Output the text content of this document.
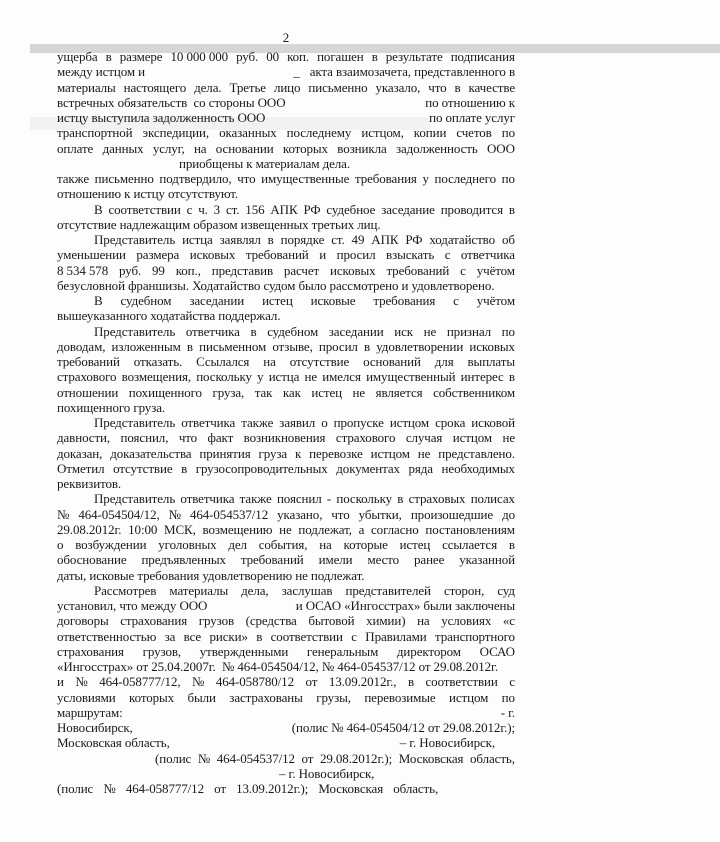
2
ущерба в размере 10 000 000 руб. 00 коп. погашен в результате подписания
между истцом и	_ акта взаимозачета, представленного в
материалы настоящего дела. Третье лицо письменно указало, что в качестве
встречных обязательств  со стороны ООО	по отношению к
истцу выступила задолженность ООО	по оплате услуг
транспортной экспедиции, оказанных последнему истцом, копии счетов по
оплате данных услуг, на основании которых возникла задолженность ООО
приобщены к материалам дела.
также письменно подтвердило, что имущественные требования у последнего по
отношению к истцу отсутствуют.
В соответствии с ч. 3 ст. 156 АПК РФ судебное заседание проводится в
отсутствие надлежащим образом извещенных третьих лиц.
Представитель истца заявлял в порядке ст. 49 АПК РФ ходатайство об
уменьшении размера исковых требований и просил взыскать с ответчика
8 534 578 руб. 99 коп., представив расчет исковых требований с учётом
безусловной франшизы. Ходатайство судом было рассмотрено и удовлетворено.
В судебном заседании истец исковые требования с учётом
вышеуказанного ходатайства поддержал.
Представитель ответчика в судебном заседании иск не признал по
доводам, изложенным в письменном отзыве, просил в удовлетворении исковых
требований отказать. Ссылался на отсутствие оснований для выплаты
страхового возмещения, поскольку у истца не имелся имущественный интерес в
отношении похищенного груза, так как истец не является собственником
похищенного груза.
Представитель ответчика также заявил о пропуске истцом срока исковой
давности, пояснил, что факт возникновения страхового случая истцом не
доказан, доказательства принятия груза к перевозке истцом не представлено.
Отметил отсутствие в грузосопроводительных документах ряда необходимых
реквизитов.
Представитель ответчика также пояснил - поскольку в страховых полисах
№ 464-054504/12, № 464-054537/12 указано, что убытки, произошедшие до
29.08.2012г. 10:00 МСК, возмещению не подлежат, а согласно постановлениям
о возбуждении уголовных дел события, на которые истец ссылается в
обоснование предъявленных требований имели место ранее указанной
даты, исковые требования удовлетворению не подлежат.
Рассмотрев материалы дела, заслушав представителей сторон, суд
установил, что между ООО	и ОСАО «Ингосстрах» были заключены
договоры страхования грузов (средства бытовой химии) на условиях «с
ответственностью за все риски» в соответствии с Правилами транспортного
страхования грузов, утвержденными генеральным директором ОСАО
«Ингосстрах» от 25.04.2007г.  № 464-054504/12, № 464-054537/12 от 29.08.2012г.
и № 464-058777/12, № 464-058780/12 от 13.09.2012г., в соответствии с
условиями которых были застрахованы грузы, перевозимые истцом по
маршрутам:	- г.
Новосибирск,	(полис № 464-054504/12 от 29.08.2012г.);
Московская область,	– г. Новосибирск,
(полис № 464-054537/12 от 29.08.2012г.); Московская область,
– г. Новосибирск,
(полис № 464-058777/12 от 13.09.2012г.); Московская область,
